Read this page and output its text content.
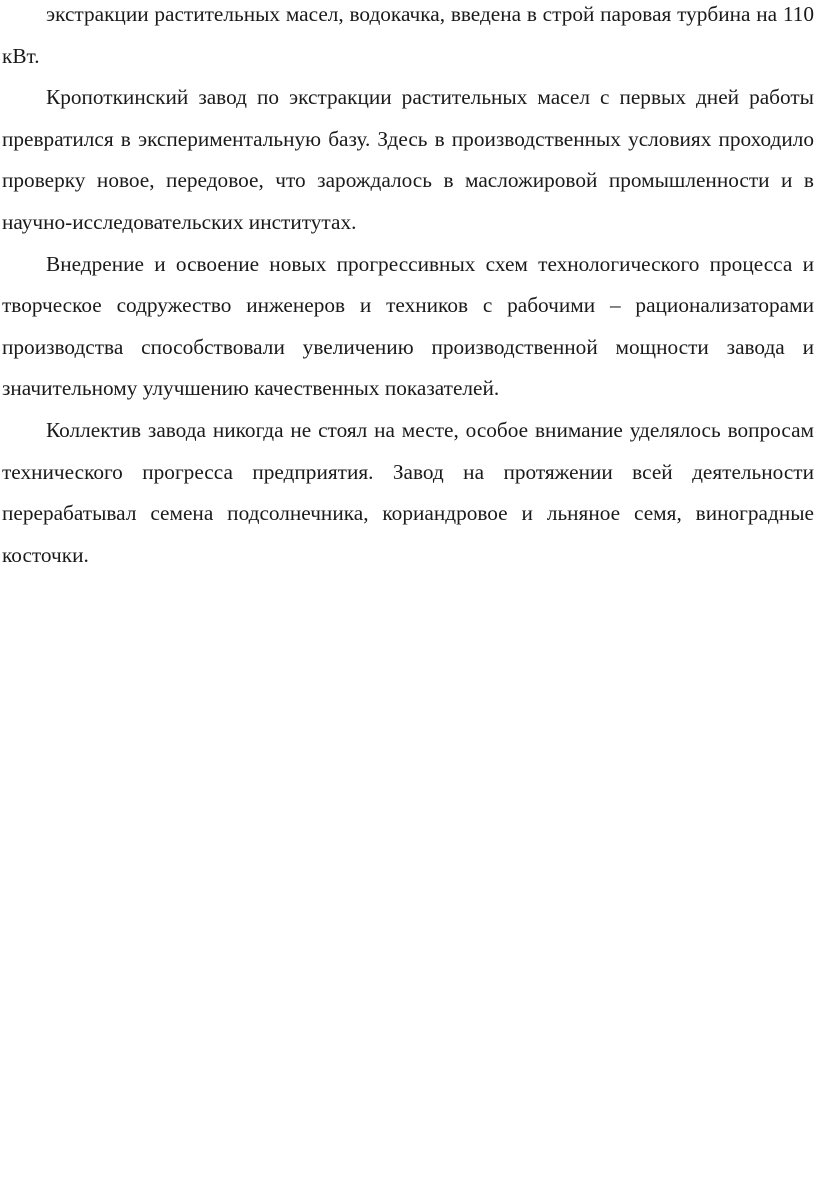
экстракции растительных масел, водокачка, введена в строй паровая турбина на 110 кВт.

Кропоткинский завод по экстракции растительных масел с первых дней работы превратился в экспериментальную базу. Здесь в производственных условиях проходило проверку новое, передовое, что зарождалось в масложировой промышленности и в научно-исследовательских институтах.

Внедрение и освоение новых прогрессивных схем технологического процесса и творческое содружество инженеров и техников с рабочими – рационализаторами производства способствовали увеличению производственной мощности завода и значительному улучшению качественных показателей.

Коллектив завода никогда не стоял на месте, особое внимание уделялось вопросам технического прогресса предприятия. Завод на протяжении всей деятельности перерабатывал семена подсолнечника, кориандровое и льняное семя, виноградные косточки.
